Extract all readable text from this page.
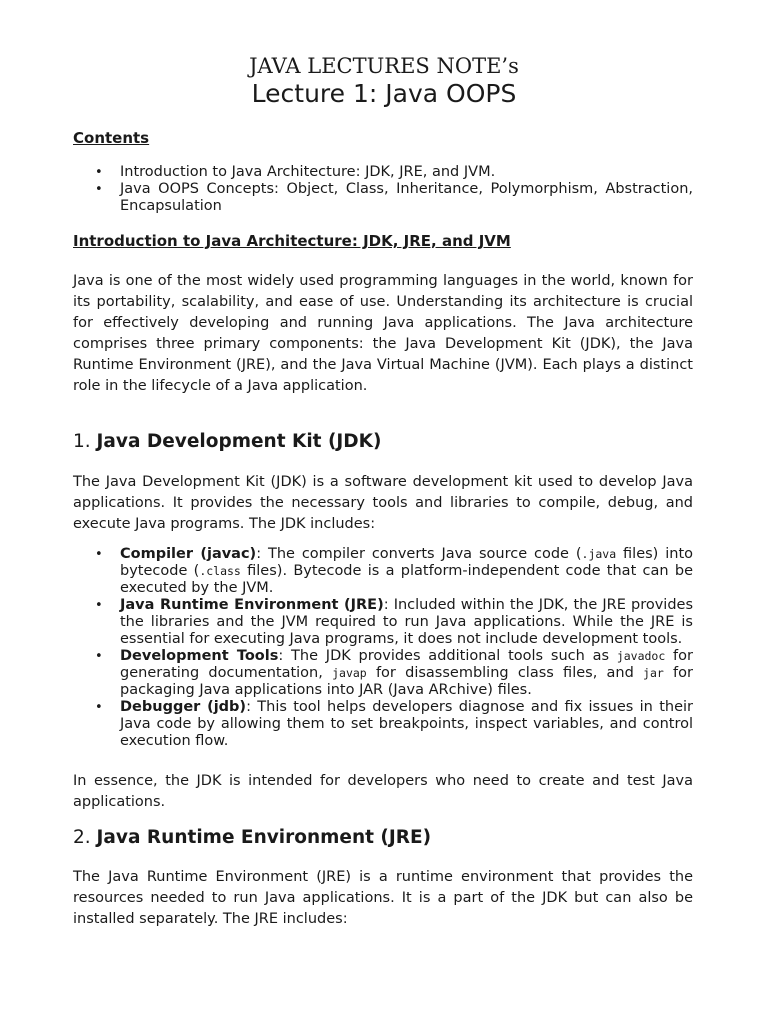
JAVA LECTURES NOTE’s
Lecture 1: Java OOPS
Contents
• Introduction to Java Architecture: JDK, JRE, and JVM.
• Java OOPS Concepts: Object, Class, Inheritance, Polymorphism, Abstraction, Encapsulation
Introduction to Java Architecture: JDK, JRE, and JVM

Java is one of the most widely used programming languages in the world, known for its portability, scalability, and ease of use. Understanding its architecture is crucial for effectively developing and running Java applications. The Java architecture comprises three primary components: the Java Development Kit (JDK), the Java Runtime Environment (JRE), and the Java Virtual Machine (JVM). Each plays a distinct role in the lifecycle of a Java application.

1. Java Development Kit (JDK)

The Java Development Kit (JDK) is a software development kit used to develop Java applications. It provides the necessary tools and libraries to compile, debug, and execute Java programs. The JDK includes:

• Compiler (javac): The compiler converts Java source code (.java files) into bytecode (.class files). Bytecode is a platform-independent code that can be executed by the JVM.
• Java Runtime Environment (JRE): Included within the JDK, the JRE provides the libraries and the JVM required to run Java applications. While the JRE is essential for executing Java programs, it does not include development tools.
• Development Tools: The JDK provides additional tools such as javadoc for generating documentation, javap for disassembling class files, and jar for packaging Java applications into JAR (Java ARchive) files.
• Debugger (jdb): This tool helps developers diagnose and fix issues in their Java code by allowing them to set breakpoints, inspect variables, and control execution flow.

In essence, the JDK is intended for developers who need to create and test Java applications.

2. Java Runtime Environment (JRE)

The Java Runtime Environment (JRE) is a runtime environment that provides the resources needed to run Java applications. It is a part of the JDK but can also be installed separately. The JRE includes:
